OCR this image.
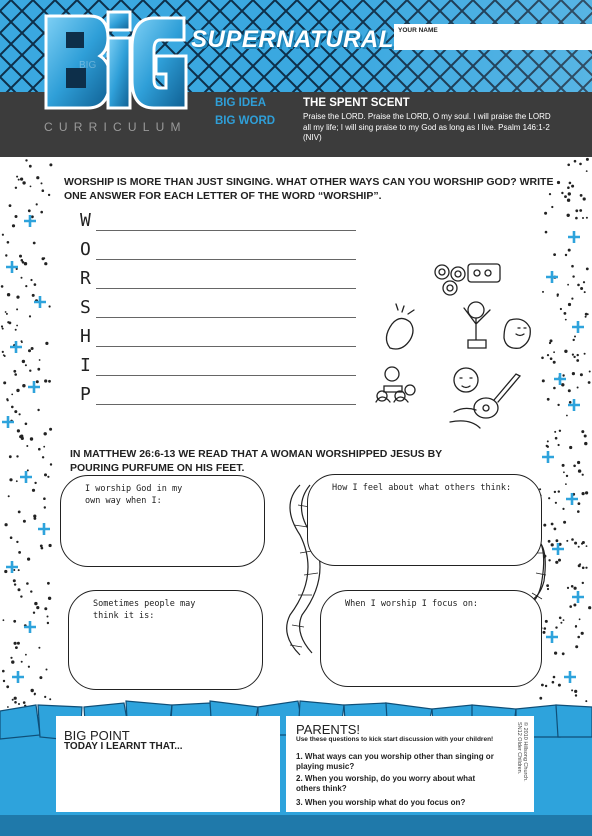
BIG
CURRICULUM
SUPERNATURAL YOUR NAME
BIG IDEA
BIG WORD
THE SPENT SCENT
Praise the LORD. Praise the LORD, O my soul. I will praise the LORD all my life; I will sing praise to my God as long as I live. Psalm 146:1-2 (NIV)
WORSHIP IS MORE THAN JUST SINGING. WHAT OTHER WAYS CAN YOU WORSHIP GOD? WRITE ONE ANSWER FOR EACH LETTER OF THE WORD “WORSHIP”.
W
O
R
S
H
I
P
IN MATTHEW 26:6-13 WE READ THAT A WOMAN WORSHIPPED JESUS BY POURING PURFUME ON HIS FEET.
I worship God in my
own way when I:
How I feel about what others think:
Sometimes people may
think it is:
When I worship I focus on:
BIG POINT
TODAY I LEARNT THAT...
PARENTS!
Use these questions to kick start discussion with your children!
1. What ways can you worship other than singing or playing music?
2. When you worship, do you worry about what others think?
3. When you worship what do you focus on?
© 2010 Hillsong Church.
SN12 Older Children.
